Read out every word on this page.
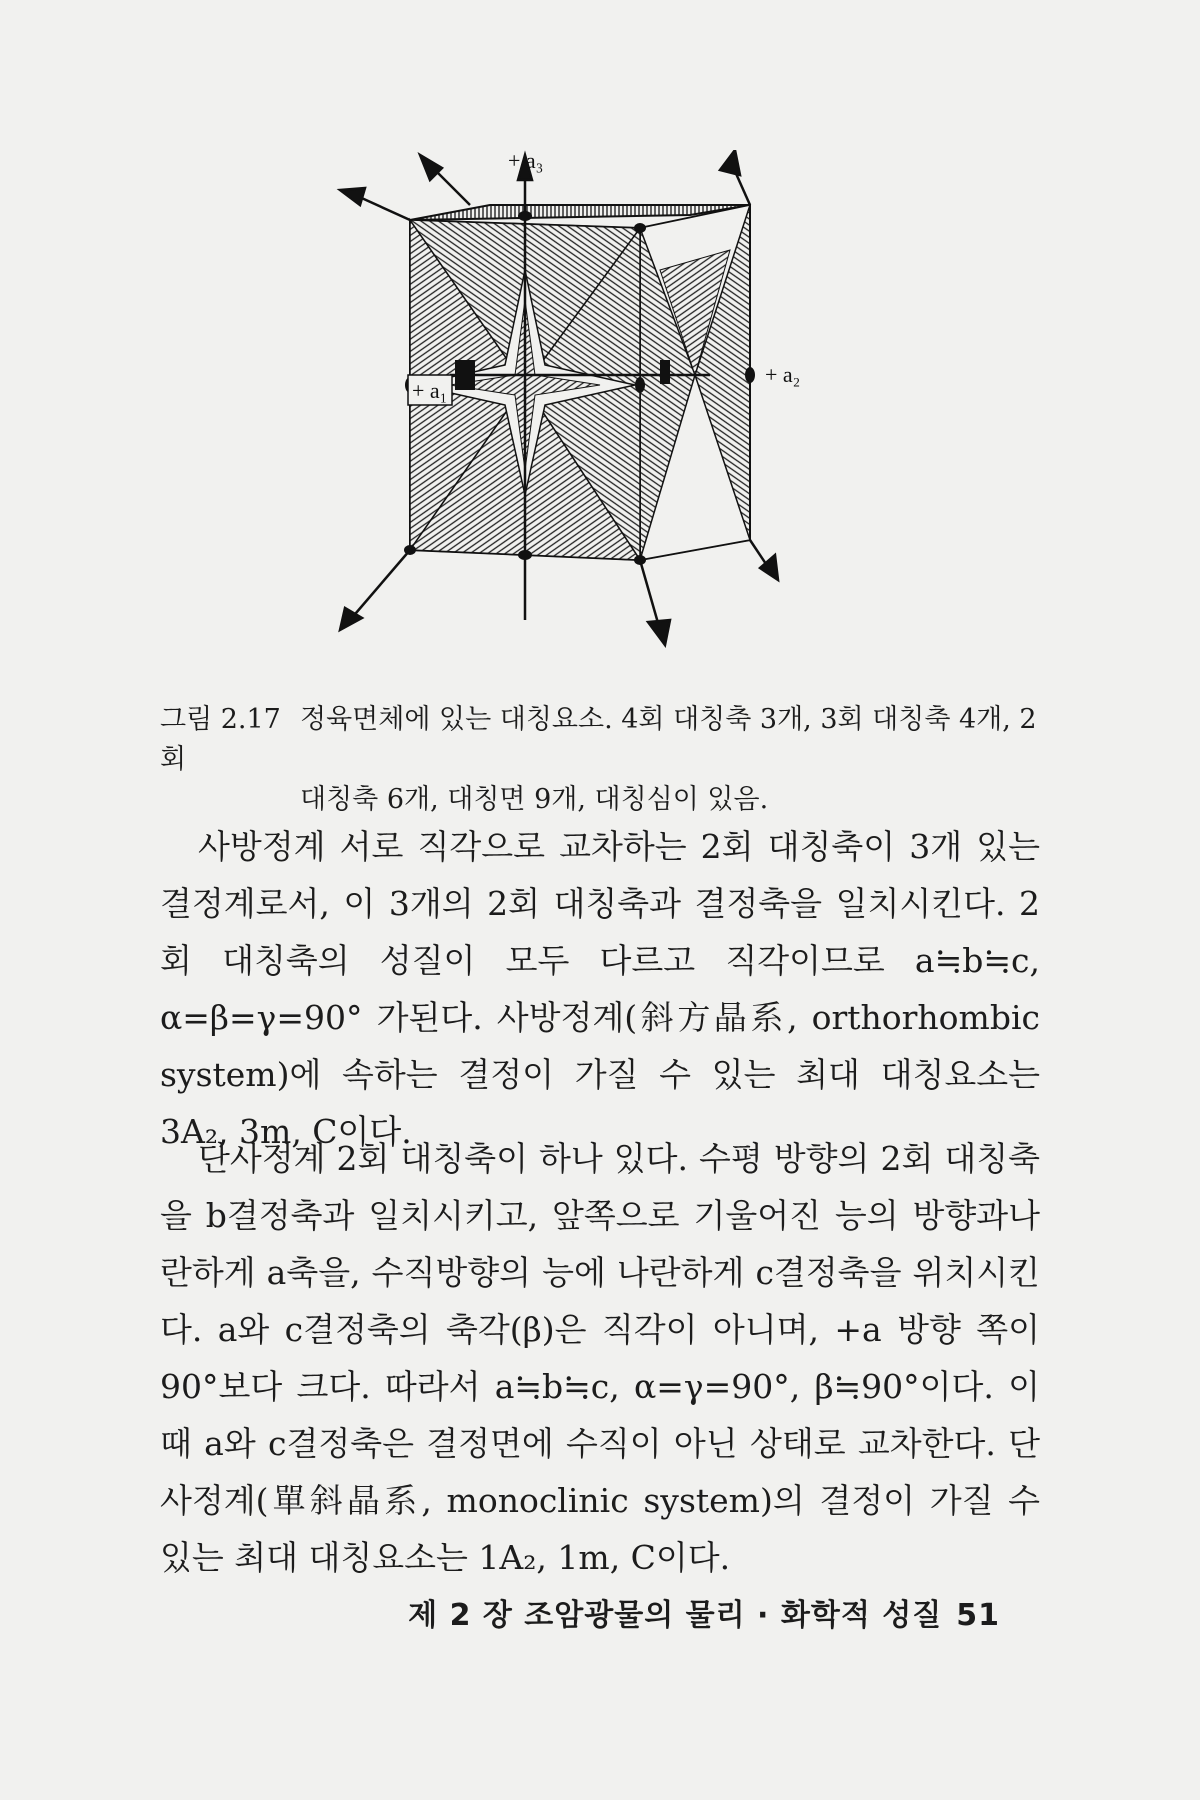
+ a₁
+ a₂
+ a₃
그림 2.17 정육면체에 있는 대칭요소. 4회 대칭축 3개, 3회 대칭축 4개, 2회
대칭축 6개, 대칭면 9개, 대칭심이 있음.

사방정계 서로 직각으로 교차하는 2회 대칭축이 3개 있는 결정계로서, 이 3개의 2회 대칭축과 결정축을 일치시킨다. 2회 대칭축의 성질이 모두 다르고 직각이므로 a≒b≒c, α=β=γ=90° 가된다. 사방정계(斜方晶系, orthorhombic system)에 속하는 결정이 가질 수 있는 최대 대칭요소는 3A₂, 3m, C이다.

단사정계 2회 대칭축이 하나 있다. 수평 방향의 2회 대칭축을 b결정축과 일치시키고, 앞쪽으로 기울어진 능의 방향과나란하게 a축을, 수직방향의 능에 나란하게 c결정축을 위치시킨다. a와 c결정축의 축각(β)은 직각이 아니며, +a 방향 쪽이 90°보다 크다. 따라서 a≒b≒c, α=γ=90°, β≒90°이다. 이때 a와 c결정축은 결정면에 수직이 아닌 상태로 교차한다. 단사정계(單斜晶系, monoclinic system)의 결정이 가질 수 있는 최대 대칭요소는 1A₂, 1m, C이다.

제 2 장 조암광물의 물리 · 화학적 성질 51
